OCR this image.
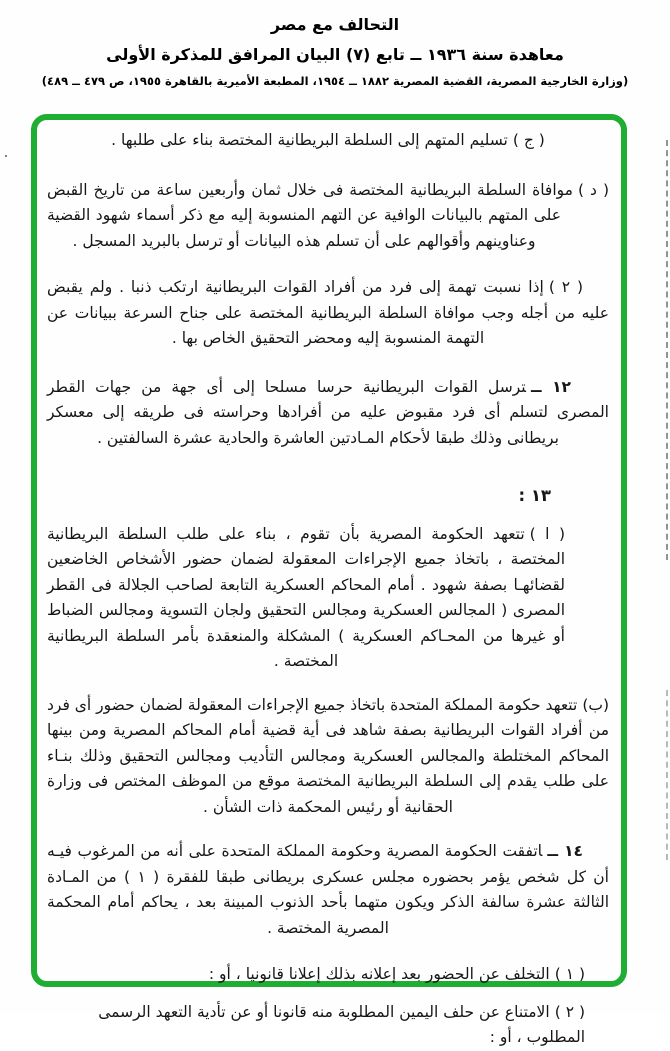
التحالف مع مصر
معاهدة سنة ١٩٣٦ ــ تابع (٧) البيان المرافق للمذكرة الأولى
(وزارة الخارجية المصرية، القضية المصرية ١٨٨٢ ــ ١٩٥٤، المطبعة الأميرية بالقاهرة ١٩٥٥، ص ٤٧٩ ــ ٤٨٩)
( ج )تسليم المتهم إلى السلطة البريطانية المختصة بناء على طلبها .
( د )موافاة السلطة البريطانية المختصة فى خلال ثمان وأربعين ساعة من تاريخ القبض على المتهم بالبيانات الوافية عن التهم المنسوبة إليه مع ذكر أسماء شهود القضية وعناوينهم وأقوالهم على أن تسلم هذه البيانات أو ترسل بالبريد المسجل .
( ٢ )إذا نسبت تهمة إلى فرد من أفراد القوات البريطانية ارتكب ذنبا . ولم يقبض عليه من أجله وجب موافاة السلطة البريطانية المختصة على جناح السرعة ببيانات عن التهمة المنسوبة إليه ومحضر التحقيق الخاص بها .
١٢ ــترسل القوات البريطانية حرسا مسلحا إلى أى جهة من جهات القطر المصرى لتسلم أى فرد مقبوض عليه من أفرادها وحراسته فى طريقه إلى معسكر بريطانى وذلك طبقا لأحكام المـادتين العاشرة والحادية عشرة السالفتين .
١٣ :
( ا )تتعهد الحكومة المصرية بأن تقوم ، بناء على طلب السلطة البريطانية المختصة ، باتخاذ جميع الإجراءات المعقولة لضمان حضور الأشخاص الخاضعين لقضائهـا بصفة شهود . أمام المحاكم العسكرية التابعة لصاحب الجلالة فى القطر المصرى ( المجالس العسكرية ومجالس التحقيق ولجان التسوية ومجالس الضباط أو غيرها من المحـاكم العسكرية ) المشكلة والمنعقدة بأمر السلطة البريطانية المختصة .
(ب)تتعهد حكومة المملكة المتحدة باتخاذ جميع الإجراءات المعقولة لضمان حضور أى فرد من أفراد القوات البريطانية بصفة شاهد فى أية قضية أمام المحاكم المصرية ومن بينها المحاكم المختلطة والمجالس العسكرية ومجالس التأديب ومجالس التحقيق وذلك بنـاء على طلب يقدم إلى السلطة البريطانية المختصة موقع من الموظف المختص فى وزارة الحقانية أو رئيس المحكمة ذات الشأن .
١٤ ــاتفقت الحكومة المصرية وحكومة المملكة المتحدة على أنه من المرغوب فيـه أن كل شخص يؤمر بحضوره مجلس عسكرى بريطانى طبقا للفقرة ( ١ ) من المـادة الثالثة عشرة سالفة الذكر ويكون متهما بأحد الذنوب المبينة بعد ، يحاكم أمام المحكمة المصرية المختصة .
( ١ )التخلف عن الحضور بعد إعلانه بذلك إعلانا قانونيا ، أو :
( ٢ )الامتناع عن حلف اليمين المطلوبة منه قانونا أو عن تأدية التعهد الرسمى المطلوب ، أو :
